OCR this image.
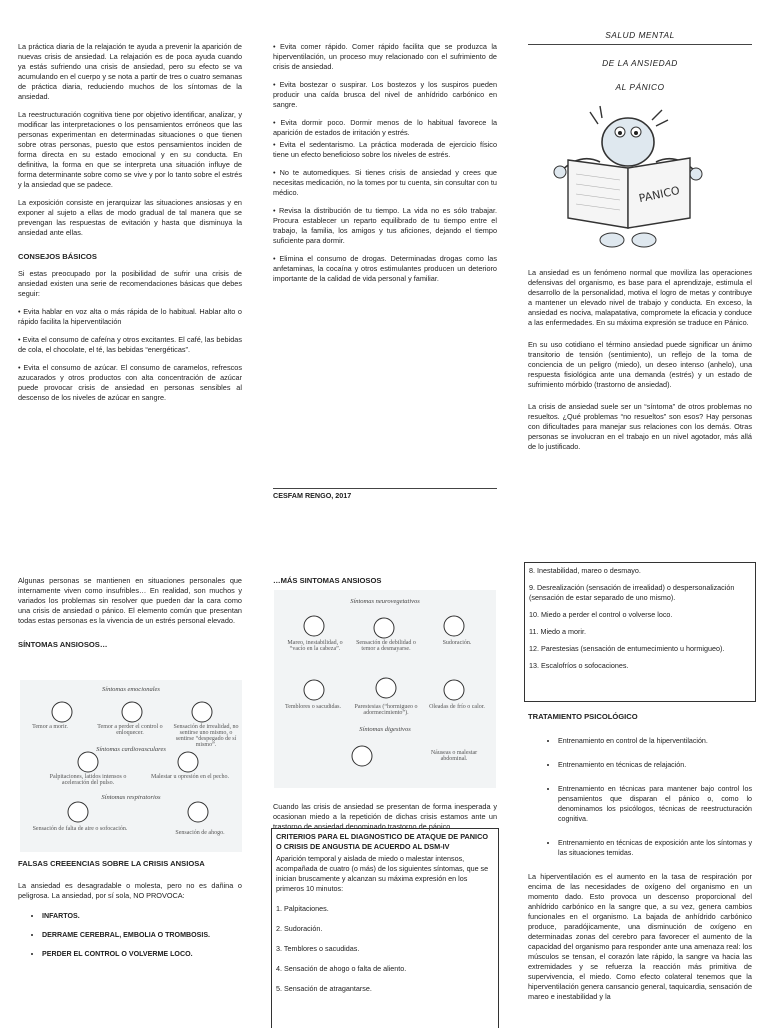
La práctica diaria de la relajación te ayuda a prevenir la aparición de nuevas crisis de ansiedad. La relajación es de poca ayuda cuando ya estás sufriendo una crisis de ansiedad, pero su efecto se va acumulando en el cuerpo y se nota a partir de tres o cuatro semanas de práctica diaria, reduciendo muchos de los síntomas de la ansiedad.

La reestructuración cognitiva tiene por objetivo identificar, analizar, y modificar las interpretaciones o los pensamientos erróneos que las personas experimentan en determinadas situaciones o que tienen sobre otras personas, puesto que estos pensamientos inciden de forma directa en su estado emocional y en su conducta. En definitiva, la forma en que se interpreta una situación influye de forma determinante sobre como se vive y por lo tanto sobre el estrés y la ansiedad que se padece.

La exposición consiste en jerarquizar las situaciones ansiosas y en exponer al sujeto a ellas de modo gradual de tal manera que se prevengan las respuestas de evitación y hasta que disminuya la ansiedad ante ellas.

CONSEJOS BÁSICOS

Si estas preocupado por la posibilidad de sufrir una crisis de ansiedad existen una serie de recomendaciones básicas que debes seguir:

• Evita hablar en voz alta o más rápida de lo habitual. Hablar alto o rápido facilita la hiperventilación

• Evita el consumo de cafeína y otros excitantes. El café, las bebidas de cola, el chocolate, el té, las bebidas “energéticas”.

• Evita el consumo de azúcar. El consumo de caramelos, refrescos azucarados y otros productos con alta concentración de azúcar puede provocar crisis de ansiedad en personas sensibles al descenso de los niveles de azúcar en sangre.

• Evita comer rápido. Comer rápido facilita que se produzca la hiperventilación, un proceso muy relacionado con el sufrimiento de crisis de ansiedad.

• Evita bostezar o suspirar. Los bostezos y los suspiros pueden producir una caída brusca del nivel de anhídrido carbónico en sangre.

• Evita dormir poco. Dormir menos de lo habitual favorece la aparición de estados de irritación y estrés.

• Evita el sedentarismo. La práctica moderada de ejercicio físico tiene un efecto beneficioso sobre los niveles de estrés.

• No te automediques. Si tienes crisis de ansiedad y crees que necesitas medicación, no la tomes por tu cuenta, sin consultar con tu médico.

• Revisa la distribución de tu tiempo. La vida no es sólo trabajar. Procura establecer un reparto equilibrado de tu tiempo entre el trabajo, la familia, los amigos y tus aficiones, dejando el tiempo suficiente para dormir.

• Elimina el consumo de drogas. Determinadas drogas como las anfetaminas, la cocaína y otros estimulantes producen un deterioro importante de la calidad de vida personal y familiar.

CESFAM RENGO, 2017
SALUD MENTAL
DE LA ANSIEDAD
AL PÁNICO
PANICO

La ansiedad es un fenómeno normal que moviliza las operaciones defensivas del organismo, es base para el aprendizaje, estimula el desarrollo de la personalidad, motiva el logro de metas y contribuye a mantener un elevado nivel de trabajo y conducta. En exceso, la ansiedad es nociva, malapatativa, compromete la eficacia y conduce a las enfermedades. En su máxima expresión se traduce en Pánico.

En su uso cotidiano el término ansiedad puede significar un ánimo transitorio de tensión (sentimiento), un reflejo de la toma de conciencia de un peligro (miedo), un deseo intenso (anhelo), una respuesta fisiológica ante una demanda (estrés) y un estado de sufrimiento mórbido (trastorno de ansiedad).

La crisis de ansiedad suele ser un “síntoma” de otros problemas no resueltos. ¿Qué problemas “no resueltos” son esos? Hay personas con dificultades para manejar sus relaciones con los demás. Otras personas se involucran en el trabajo en un nivel agotador, más allá de lo justificado.

Algunas personas se mantienen en situaciones personales que internamente viven como insufribles… En realidad, son muchos y variados los problemas sin resolver que pueden dar la cara como una crisis de ansiedad o pánico. El elemento común que presentan todas estas personas es la vivencia de un estrés personal elevado.

SÍNTOMAS ANSIOSOS…
Síntomas emocionales
Temor a morir.	Temor a perder el control o enloquecer.
Sensación de irrealidad, no sentirse uno mismo, o sentirse “despegado de sí mismo”.
Síntomas cardiovasculares
Palpitaciones, latidos intensos o aceleración del pulso.
Malestar u opresión en el pecho.
Síntomas respiratorios
Sensación de falta de aire o sofocación.
Sensación de ahogo.
FALSAS CREEENCIAS SOBRE LA CRISIS ANSIOSA

La ansiedad es desagradable o molesta, pero no es dañina o peligrosa. La ansiedad, por sí sola, NO PROVOCA:

• INFARTOS.
• DERRAME CEREBRAL, EMBOLIA O TROMBOSIS.
• PERDER EL CONTROL O VOLVERME LOCO.
…MÁS SINTOMAS ANSIOSOS
Síntomas neurovegetativos
Mareo, inestabilidad, o “vacío en la cabeza”.
Sensación de debilidad o temor a desmayarse.
Sudoración.
Temblores o sacudidas.	Parestesias (“hormigueo o adormecimiento”).
Oleadas de frío o calor.
Síntomas digestivos
Náuseas o malestar abdominal.
Cuando las crisis de ansiedad se presentan de forma inesperada y ocasionan miedo a la repetición de dichas crisis estamos ante un trastorno de ansiedad denominado trastorno de pánico.

CRITERIOS PARA EL DIAGNOSTICO DE ATAQUE DE PANICO O CRISIS DE ANGUSTIA DE ACUERDO AL DSM-IV

Aparición temporal y aislada de miedo o malestar intensos, acompañada de cuatro (o más) de los siguientes síntomas, que se inician bruscamente y alcanzan su máxima expresión en los primeros 10 minutos:

1. Palpitaciones.

2. Sudoración.

3. Temblores o sacudidas.

4. Sensación de ahogo o falta de aliento.

5. Sensación de atragantarse.

8. Inestabilidad, mareo o desmayo.

9. Desrealización (sensación de irrealidad) o despersonalización (sensación de estar separado de uno mismo).

10. Miedo a perder el control o volverse loco.

11. Miedo a morir.

12. Parestesias (sensación de entumecimiento u hormigueo).

13. Escalofríos o sofocaciones.

TRATAMIENTO PSICOLÓGICO
• Entrenamiento en control de la hiperventilación.
• Entrenamiento en técnicas de relajación.
• Entrenamiento en técnicas para mantener bajo control los pensamientos que disparan el pánico o, como lo denominamos los psicólogos, técnicas de reestructuración cognitiva.
• Entrenamiento en técnicas de exposición ante los síntomas y las situaciones temidas.

La hiperventilación es el aumento en la tasa de respiración por encima de las necesidades de oxígeno del organismo en un momento dado. Esto provoca un descenso proporcional del anhídrido carbónico en la sangre que, a su vez, genera cambios funcionales en el organismo. La bajada de anhídrido carbónico produce, paradójicamente, una disminución de oxígeno en determinadas zonas del cerebro para favorecer el aumento de la capacidad del organismo para responder ante una amenaza real: los músculos se tensan, el corazón late rápido, la sangre va hacia las extremidades y se refuerza la reacción más primitiva de supervivencia, el miedo. Como efecto colateral tenemos que la hiperventilación genera cansancio general, taquicardia, sensación de mareo e inestabilidad y la
